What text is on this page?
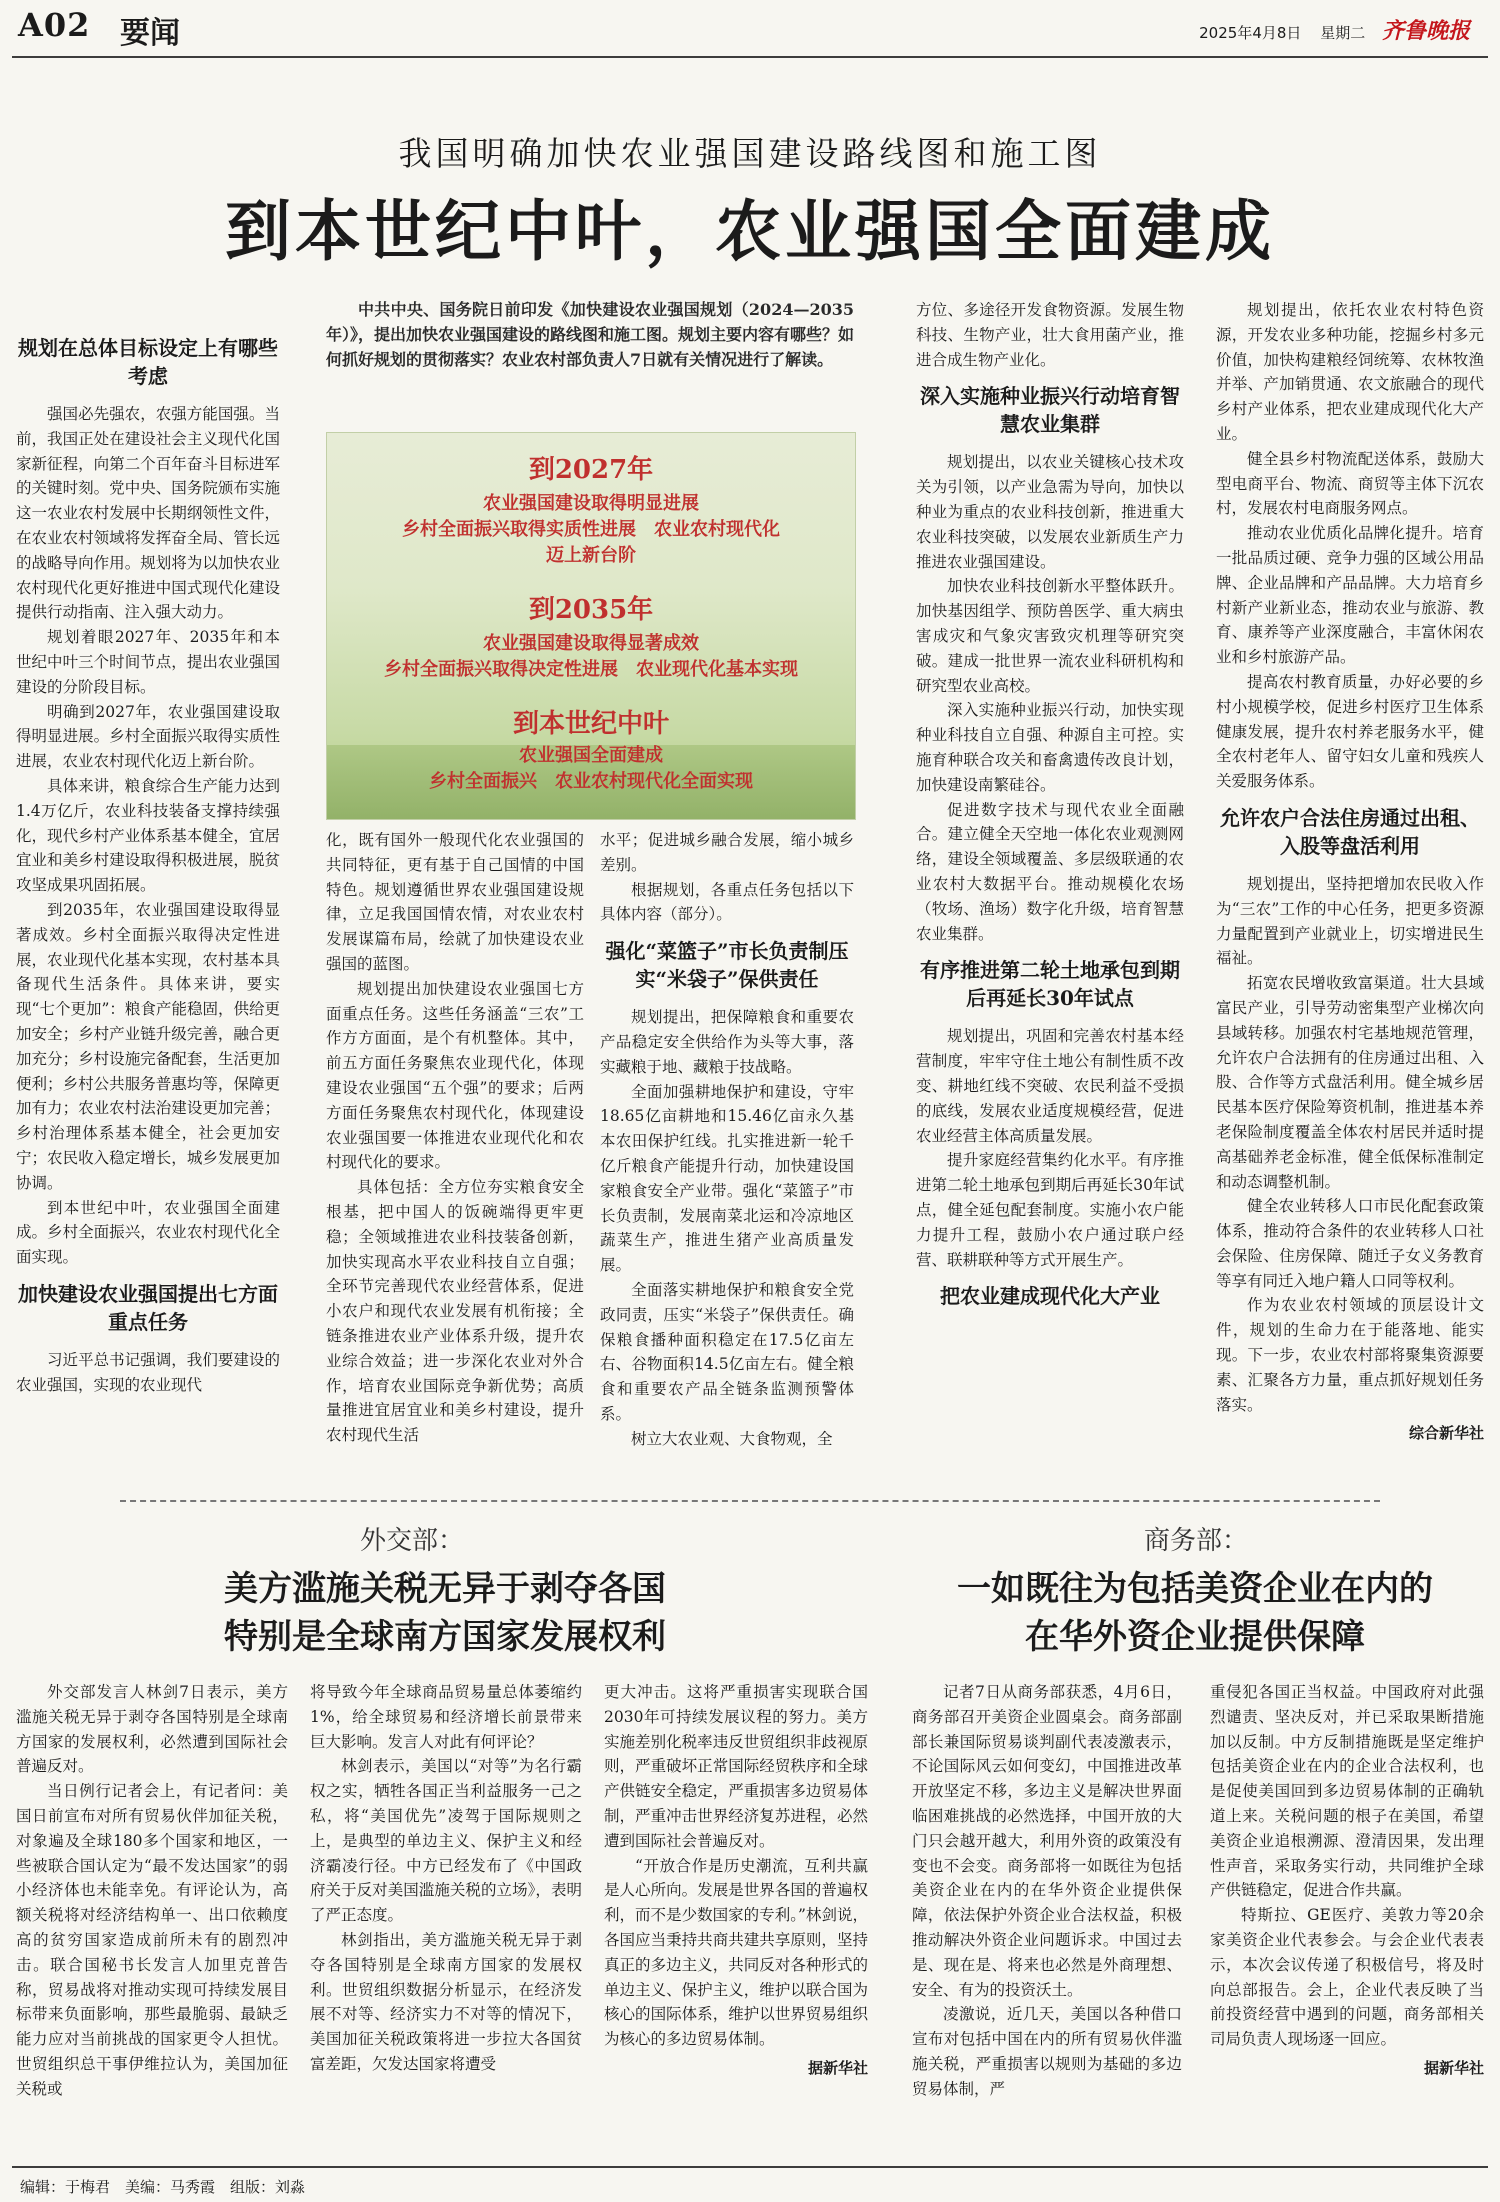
A02 要闻	2025年4月8日 星期二 齐鲁晚报
我国明确加快农业强国建设路线图和施工图
到本世纪中叶，农业强国全面建成
规划在总体目标设定上有哪些考虑

强国必先强农，农强方能国强。当前，我国正处在建设社会主义现代化国家新征程，向第二个百年奋斗目标进军的关键时刻。党中央、国务院颁布实施这一农业农村发展中长期纲领性文件，在农业农村领域将发挥奋全局、管长远的战略导向作用。规划将为以加快农业农村现代化更好推进中国式现代化建设提供行动指南、注入强大动力。

规划着眼2027年、2035年和本世纪中叶三个时间节点，提出农业强国建设的分阶段目标。

明确到2027年，农业强国建设取得明显进展。乡村全面振兴取得实质性进展，农业农村现代化迈上新台阶。

具体来讲，粮食综合生产能力达到1.4万亿斤，农业科技装备支撑持续强化，现代乡村产业体系基本健全，宜居宜业和美乡村建设取得积极进展，脱贫攻坚成果巩固拓展。

到2035年，农业强国建设取得显著成效。乡村全面振兴取得决定性进展，农业现代化基本实现，农村基本具备现代生活条件。具体来讲，要实现“七个更加”：粮食产能稳固，供给更加安全；乡村产业链升级完善，融合更加充分；乡村设施完备配套，生活更加便利；乡村公共服务普惠均等，保障更加有力；农业农村法治建设更加完善；乡村治理体系基本健全，社会更加安宁；农民收入稳定增长，城乡发展更加协调。

到本世纪中叶，农业强国全面建成。乡村全面振兴，农业农村现代化全面实现。

加快建设农业强国提出七方面重点任务

习近平总书记强调，我们要建设的农业强国，实现的农业现代

中共中央、国务院日前印发《加快建设农业强国规划（2024—2035年）》，提出加快农业强国建设的路线图和施工图。规划主要内容有哪些？如何抓好规划的贯彻落实？农业农村部负责人7日就有关情况进行了解读。

到2027年
农业强国建设取得明显进展
乡村全面振兴取得实质性进展　农业农村现代化
迈上新台阶
到2035年
农业强国建设取得显著成效
乡村全面振兴取得决定性进展　农业现代化基本实现
到本世纪中叶
农业强国全面建成
乡村全面振兴　农业农村现代化全面实现

化，既有国外一般现代化农业强国的共同特征，更有基于自己国情的中国特色。规划遵循世界农业强国建设规律，立足我国国情农情，对农业农村发展谋篇布局，绘就了加快建设农业强国的蓝图。

规划提出加快建设农业强国七方面重点任务。这些任务涵盖“三农”工作方方面面，是个有机整体。其中，前五方面任务聚焦农业现代化，体现建设农业强国“五个强”的要求；后两方面任务聚焦农村现代化，体现建设农业强国要一体推进农业现代化和农村现代化的要求。

具体包括：全方位夯实粮食安全根基，把中国人的饭碗端得更牢更稳；全领域推进农业科技装备创新，加快实现高水平农业科技自立自强；全环节完善现代农业经营体系，促进小农户和现代农业发展有机衔接；全链条推进农业产业体系升级，提升农业综合效益；进一步深化农业对外合作，培育农业国际竞争新优势；高质量推进宜居宜业和美乡村建设，提升农村现代生活

水平；促进城乡融合发展，缩小城乡差别。

根据规划，各重点任务包括以下具体内容（部分）。

强化“菜篮子”市长负责制压实“米袋子”保供责任

规划提出，把保障粮食和重要农产品稳定安全供给作为头等大事，落实藏粮于地、藏粮于技战略。

全面加强耕地保护和建设，守牢18.65亿亩耕地和15.46亿亩永久基本农田保护红线。扎实推进新一轮千亿斤粮食产能提升行动，加快建设国家粮食安全产业带。强化“菜篮子”市长负责制，发展南菜北运和冷凉地区蔬菜生产，推进生猪产业高质量发展。

全面落实耕地保护和粮食安全党政同责，压实“米袋子”保供责任。确保粮食播种面积稳定在17.5亿亩左右、谷物面积14.5亿亩左右。健全粮食和重要农产品全链条监测预警体系。

树立大农业观、大食物观，全

方位、多途径开发食物资源。发展生物科技、生物产业，壮大食用菌产业，推进合成生物产业化。

深入实施种业振兴行动培育智慧农业集群

规划提出，以农业关键核心技术攻关为引领，以产业急需为导向，加快以种业为重点的农业科技创新，推进重大农业科技突破，以发展农业新质生产力推进农业强国建设。

加快农业科技创新水平整体跃升。加快基因组学、预防兽医学、重大病虫害成灾和气象灾害致灾机理等研究突破。建成一批世界一流农业科研机构和研究型农业高校。

深入实施种业振兴行动，加快实现种业科技自立自强、种源自主可控。实施育种联合攻关和畜禽遗传改良计划，加快建设南繁硅谷。

促进数字技术与现代农业全面融合。建立健全天空地一体化农业观测网络，建设全领域覆盖、多层级联通的农业农村大数据平台。推动规模化农场（牧场、渔场）数字化升级，培育智慧农业集群。

有序推进第二轮土地承包到期后再延长30年试点

规划提出，巩固和完善农村基本经营制度，牢牢守住土地公有制性质不改变、耕地红线不突破、农民利益不受损的底线，发展农业适度规模经营，促进农业经营主体高质量发展。

提升家庭经营集约化水平。有序推进第二轮土地承包到期后再延长30年试点，健全延包配套制度。实施小农户能力提升工程，鼓励小农户通过联户经营、联耕联种等方式开展生产。

把农业建成现代化大产业

规划提出，依托农业农村特色资源，开发农业多种功能，挖掘乡村多元价值，加快构建粮经饲统筹、农林牧渔并举、产加销贯通、农文旅融合的现代乡村产业体系，把农业建成现代化大产业。

健全县乡村物流配送体系，鼓励大型电商平台、物流、商贸等主体下沉农村，发展农村电商服务网点。

推动农业优质化品牌化提升。培育一批品质过硬、竞争力强的区域公用品牌、企业品牌和产品品牌。大力培育乡村新产业新业态，推动农业与旅游、教育、康养等产业深度融合，丰富休闲农业和乡村旅游产品。

提高农村教育质量，办好必要的乡村小规模学校，促进乡村医疗卫生体系健康发展，提升农村养老服务水平，健全农村老年人、留守妇女儿童和残疾人关爱服务体系。

允许农户合法住房通过出租、入股等盘活利用

规划提出，坚持把增加农民收入作为“三农”工作的中心任务，把更多资源力量配置到产业就业上，切实增进民生福祉。

拓宽农民增收致富渠道。壮大县域富民产业，引导劳动密集型产业梯次向县域转移。加强农村宅基地规范管理，允许农户合法拥有的住房通过出租、入股、合作等方式盘活利用。健全城乡居民基本医疗保险筹资机制，推进基本养老保险制度覆盖全体农村居民并适时提高基础养老金标准，健全低保标准制定和动态调整机制。

健全农业转移人口市民化配套政策体系，推动符合条件的农业转移人口社会保险、住房保障、随迁子女义务教育等享有同迁入地户籍人口同等权利。

作为农业农村领域的顶层设计文件，规划的生命力在于能落地、能实现。下一步，农业农村部将聚集资源要素、汇聚各方力量，重点抓好规划任务落实。

综合新华社
外交部：
美方滥施关税无异于剥夺各国
特别是全球南方国家发展权利

外交部发言人林剑7日表示，美方滥施关税无异于剥夺各国特别是全球南方国家的发展权利，必然遭到国际社会普遍反对。

当日例行记者会上，有记者问：美国日前宣布对所有贸易伙伴加征关税，对象遍及全球180多个国家和地区，一些被联合国认定为“最不发达国家”的弱小经济体也未能幸免。有评论认为，高额关税将对经济结构单一、出口依赖度高的贫穷国家造成前所未有的剧烈冲击。联合国秘书长发言人加里克普告称，贸易战将对推动实现可持续发展目标带来负面影响，那些最脆弱、最缺乏能力应对当前挑战的国家更令人担忧。世贸组织总干事伊维拉认为，美国加征关税或

将导致今年全球商品贸易量总体萎缩约1%，给全球贸易和经济增长前景带来巨大影响。发言人对此有何评论？

林剑表示，美国以“对等”为名行霸权之实，牺牲各国正当利益服务一己之私，将“美国优先”凌驾于国际规则之上，是典型的单边主义、保护主义和经济霸凌行径。中方已经发布了《中国政府关于反对美国滥施关税的立场》，表明了严正态度。

林剑指出，美方滥施关税无异于剥夺各国特别是全球南方国家的发展权利。世贸组织数据分析显示，在经济发展不对等、经济实力不对等的情况下，美国加征关税政策将进一步拉大各国贫富差距，欠发达国家将遭受

更大冲击。这将严重损害实现联合国2030年可持续发展议程的努力。美方实施差别化税率违反世贸组织非歧视原则，严重破坏正常国际经贸秩序和全球产供链安全稳定，严重损害多边贸易体制，严重冲击世界经济复苏进程，必然遭到国际社会普遍反对。

“开放合作是历史潮流，互利共赢是人心所向。发展是世界各国的普遍权利，而不是少数国家的专利。”林剑说，各国应当秉持共商共建共享原则，坚持真正的多边主义，共同反对各种形式的单边主义、保护主义，维护以联合国为核心的国际体系，维护以世界贸易组织为核心的多边贸易体制。

据新华社
商务部：
一如既往为包括美资企业在内的
在华外资企业提供保障

记者7日从商务部获悉，4月6日，商务部召开美资企业圆桌会。商务部副部长兼国际贸易谈判副代表凌激表示，不论国际风云如何变幻，中国推进改革开放坚定不移，多边主义是解决世界面临困难挑战的必然选择，中国开放的大门只会越开越大，利用外资的政策没有变也不会变。商务部将一如既往为包括美资企业在内的在华外资企业提供保障，依法保护外资企业合法权益，积极推动解决外资企业问题诉求。中国过去是、现在是、将来也必然是外商理想、安全、有为的投资沃土。

凌激说，近几天，美国以各种借口宣布对包括中国在内的所有贸易伙伴滥施关税，严重损害以规则为基础的多边贸易体制，严

重侵犯各国正当权益。中国政府对此强烈谴责、坚决反对，并已采取果断措施加以反制。中方反制措施既是坚定维护包括美资企业在内的企业合法权利，也是促使美国回到多边贸易体制的正确轨道上来。关税问题的根子在美国，希望美资企业追根溯源、澄清因果，发出理性声音，采取务实行动，共同维护全球产供链稳定，促进合作共赢。

特斯拉、GE医疗、美敦力等20余家美资企业代表参会。与会企业代表表示，本次会议传递了积极信号，将及时向总部报告。会上，企业代表反映了当前投资经营中遇到的问题，商务部相关司局负责人现场逐一回应。

据新华社
编辑：于梅君　美编：马秀霞　组版：刘淼
